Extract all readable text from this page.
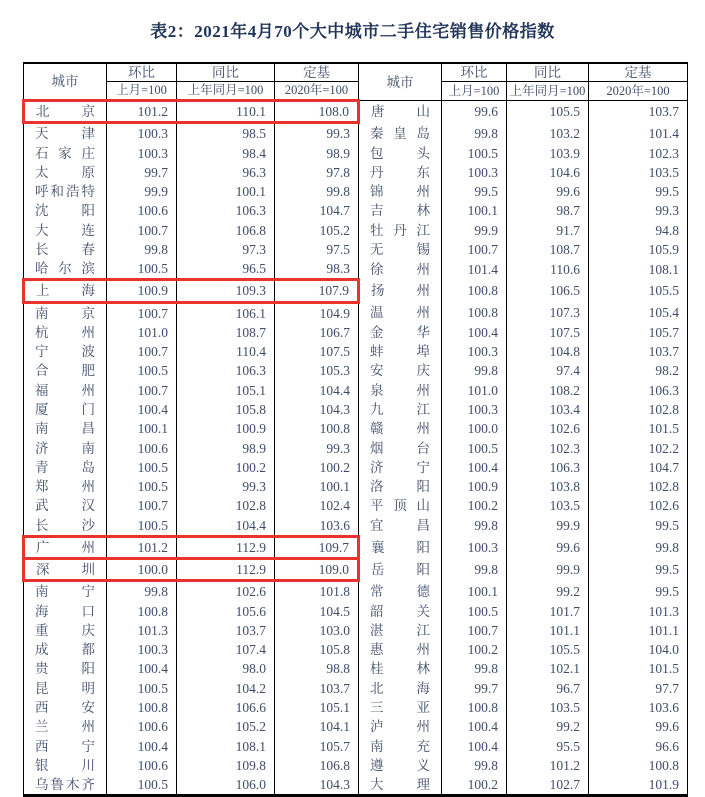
表2：2021年4月70个大中城市二手住宅销售价格指数
城市	环比	同比	定基	城市	环比	同比	定基
	上月=100	上年同月=100	2020年=100		上月=100	上年同月=100	2020年=100
北京	101.2	110.1	108.0	唐山	99.6	105.5	103.7
天津	100.3	98.5	99.3	秦皇岛	99.8	103.2	101.4
石家庄	100.3	98.4	98.9	包头	100.5	103.9	102.3
太原	99.7	96.3	97.8	丹东	100.3	104.6	103.5
呼和浩特	99.9	100.1	99.8	锦州	99.5	99.6	99.5
沈阳	100.6	106.3	104.7	吉林	100.1	98.7	99.3
大连	100.7	106.8	105.2	牡丹江	99.9	91.7	94.8
长春	99.8	97.3	97.5	无锡	100.7	108.7	105.9
哈尔滨	100.5	96.5	98.3	徐州	101.4	110.6	108.1
上海	100.9	109.3	107.9	扬州	100.8	106.5	105.5
南京	100.7	106.1	104.9	温州	100.8	107.3	105.4
杭州	101.0	108.7	106.7	金华	100.4	107.5	105.7
宁波	100.7	110.4	107.5	蚌埠	100.3	104.8	103.7
合肥	100.5	106.3	105.3	安庆	99.8	97.4	98.2
福州	100.7	105.1	104.4	泉州	101.0	108.2	106.3
厦门	100.4	105.8	104.3	九江	100.3	103.4	102.8
南昌	100.1	100.9	100.8	赣州	100.0	102.6	101.5
济南	100.6	98.9	99.3	烟台	100.5	102.3	102.2
青岛	100.5	100.2	100.2	济宁	100.4	106.3	104.7
郑州	100.5	99.3	100.1	洛阳	100.9	103.8	102.8
武汉	100.7	102.8	102.4	平顶山	100.2	103.5	102.6
长沙	100.5	104.4	103.6	宜昌	99.8	99.9	99.5
广州	101.2	112.9	109.7	襄阳	100.3	99.6	99.8
深圳	100.0	112.9	109.0	岳阳	99.8	99.9	99.5
南宁	99.8	102.6	101.8	常德	100.1	99.2	99.5
海口	100.8	105.6	104.5	韶关	100.5	101.7	101.3
重庆	101.3	103.7	103.0	湛江	100.7	101.1	101.1
成都	100.3	107.4	105.8	惠州	100.2	105.5	104.0
贵阳	100.4	98.0	98.8	桂林	99.8	102.1	101.5
昆明	100.5	104.2	103.7	北海	99.7	96.7	97.7
西安	100.8	106.6	105.1	三亚	100.8	103.5	103.6
兰州	100.6	105.2	104.1	泸州	100.4	99.2	99.6
西宁	100.4	108.1	105.7	南充	100.4	95.5	96.6
银川	100.6	109.8	106.8	遵义	99.8	101.2	100.8
乌鲁木齐	100.5	106.0	104.3	大理	100.2	102.7	101.9
